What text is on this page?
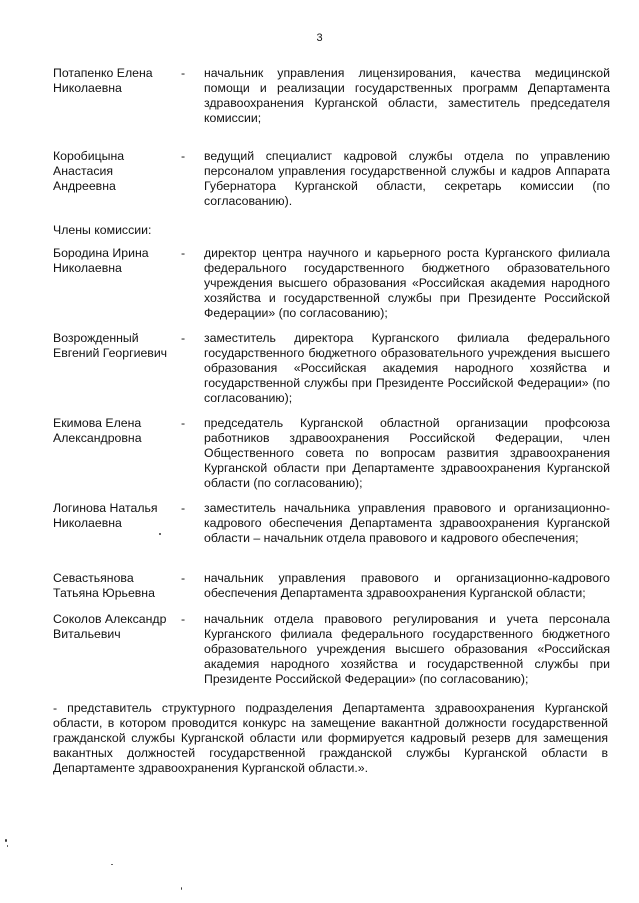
3
Потапенко Елена Николаевна
- начальник управления лицензирования, качества медицинской помощи и реализации государственных программ Департамента здравоохранения Курганской области, заместитель председателя комиссии;
Коробицына Анастасия Андреевна
- ведущий специалист кадровой службы отдела по управлению персоналом управления государственной службы и кадров Аппарата Губернатора Курганской области, секретарь комиссии (по согласованию).
Члены комиссии:
Бородина Ирина Николаевна
- директор центра научного и карьерного роста Курганского филиала федерального государственного бюджетного образовательного учреждения высшего образования «Российская академия народного хозяйства и государственной службы при Президенте Российской Федерации» (по согласованию);
Возрожденный Евгений Георгиевич
- заместитель директора Курганского филиала федерального государственного бюджетного образовательного учреждения высшего образования «Российская академия народного хозяйства и государственной службы при Президенте Российской Федерации» (по согласованию);
Екимова Елена Александровна
- председатель Курганской областной организации профсоюза работников здравоохранения Российской Федерации, член Общественного совета по вопросам развития здравоохранения Курганской области при Департаменте здравоохранения Курганской области (по согласованию);
Логинова Наталья Николаевна
- заместитель начальника управления правового и организационно-кадрового обеспечения Департамента здравоохранения Курганской области – начальник отдела правового и кадрового обеспечения;
Севастьянова Татьяна Юрьевна
- начальник управления правового и организационно-кадрового обеспечения Департамента здравоохранения Курганской области;
Соколов Александр Витальевич
- начальник отдела правового регулирования и учета персонала Курганского филиала федерального государственного бюджетного образовательного учреждения высшего образования «Российская академия народного хозяйства и государственной службы при Президенте Российской Федерации» (по согласованию);
- представитель структурного подразделения Департамента здравоохранения Курганской области, в котором проводится конкурс на замещение вакантной должности государственной гражданской службы Курганской области или формируется кадровый резерв для замещения вакантных должностей государственной гражданской службы Курганской области в Департаменте здравоохранения Курганской области.».
